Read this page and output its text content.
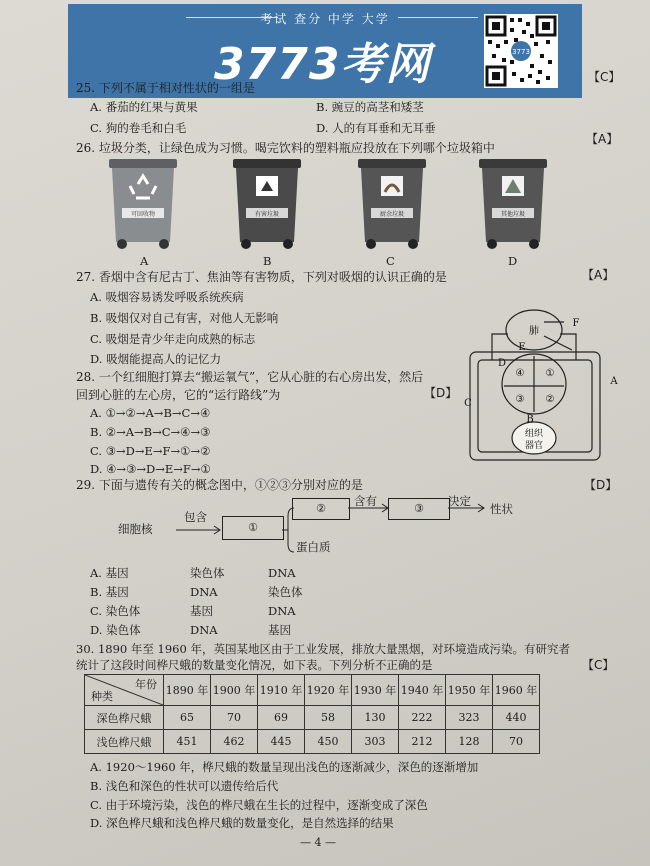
考试 查分 中学 大学
3773考网	3773
25. 下列不属于相对性状的一组是
【C】
A. 番茄的红果与黄果	B. 豌豆的高茎和矮茎
C. 狗的卷毛和白毛	D. 人的有耳垂和无耳垂
26. 垃圾分类，让绿色成为习惯。喝完饮料的塑料瓶应投放在下列哪个垃圾箱中
【A】
可回收物	有害垃圾	厨余垃圾	其他垃圾
A	B	C	D
27. 香烟中含有尼古丁、焦油等有害物质，下列对吸烟的认识正确的是	【A】
A. 吸烟容易诱发呼吸系统疾病
B. 吸烟仅对自己有害，对他人无影响
C. 吸烟是青少年走向成熟的标志
D. 吸烟能提高人的记忆力
28. 一个红细胞打算去“搬运氧气”，它从心脏的右心房出发，然后
回到心脏的左心房，它的“运行路线”为	【D】
A. ①→②→A→B→C→④
B. ②→A→B→C→④→③
C. ③→D→E→F→①→②
D. ④→③→D→E→F→①
肺
①
②
③
④
组织
器官
A
B
C
D
E
F
29. 下面与遗传有关的概念图中，①②③分别对应的是	【D】
细胞核
包含
①
②
含有
③
决定
性状
蛋白质
A. 基因	染色体	DNA
B. 基因	DNA	染色体
C. 染色体	基因	DNA
D. 染色体	DNA	基因
30. 1890 年至 1960 年，英国某地区由于工业发展，排放大量黑烟，对环境造成污染。有研究者
统计了这段时间桦尺蛾的数量变化情况，如下表。下列分析不正确的是	【C】
年份
种类	1890 年	1900 年	1910 年	1920 年	1930 年	1940 年	1950 年	1960 年
深色桦尺蛾	65	70	69	58	130	222	323	440
浅色桦尺蛾	451	462	445	450	303	212	128	70
A. 1920～1960 年，桦尺蛾的数量呈现出浅色的逐渐减少，深色的逐渐增加
B. 浅色和深色的性状可以遗传给后代
C. 由于环境污染，浅色的桦尺蛾在生长的过程中，逐渐变成了深色
D. 深色桦尺蛾和浅色桦尺蛾的数量变化，是自然选择的结果
— 4 —
